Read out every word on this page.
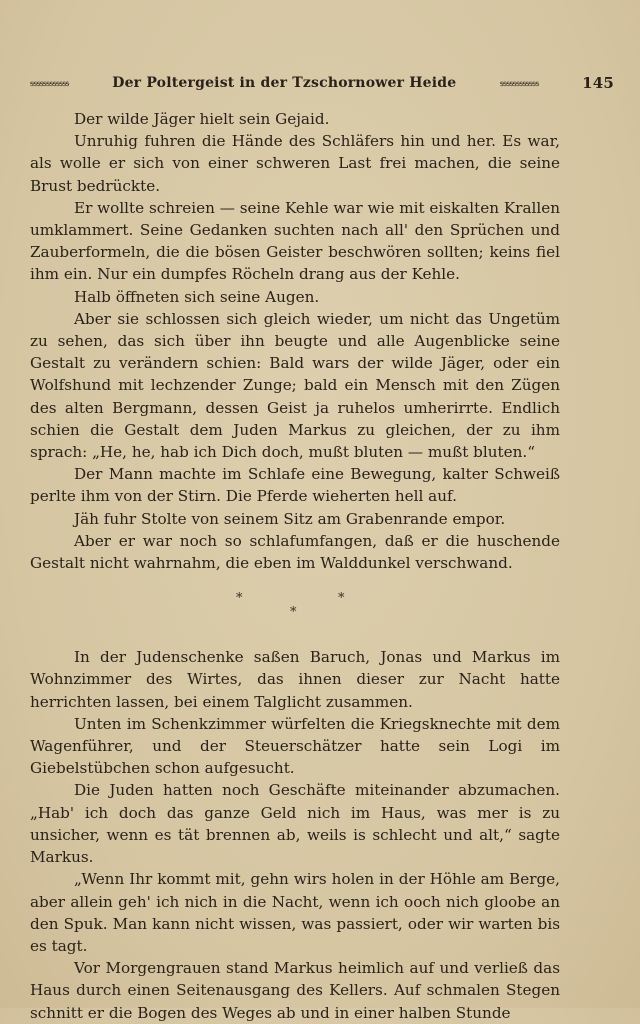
ꟊꟊꟊꟊꟊꟊꟊꟊꟊꟊꟊꟊ	Der Poltergeist in der Tzschornower Heide	ꟊꟊꟊꟊꟊꟊꟊꟊꟊꟊꟊꟊ	145

Der wilde Jäger hielt sein Gejaid.

Unruhig fuhren die Hände des Schläfers hin und her. Es war, als wolle er sich von einer schweren Last frei machen, die seine Brust bedrückte.

Er wollte schreien — seine Kehle war wie mit eiskalten Krallen umklammert. Seine Gedanken suchten nach all' den Sprüchen und Zauberformeln, die die bösen Geister beschwören sollten; keins fiel ihm ein. Nur ein dumpfes Röcheln drang aus der Kehle.

Halb öffneten sich seine Augen.

Aber sie schlossen sich gleich wieder, um nicht das Ungetüm zu sehen, das sich über ihn beugte und alle Augenblicke seine Gestalt zu verändern schien: Bald wars der wilde Jäger, oder ein Wolfshund mit lechzender Zunge; bald ein Mensch mit den Zügen des alten Bergmann, dessen Geist ja ruhelos umherirrte. Endlich schien die Gestalt dem Juden Markus zu gleichen, der zu ihm sprach: „He, he, hab ich Dich doch, mußt bluten — mußt bluten.“

Der Mann machte im Schlafe eine Bewegung, kalter Schweiß perlte ihm von der Stirn. Die Pferde wieherten hell auf.

Jäh fuhr Stolte von seinem Sitz am Grabenrande empor.

Aber er war noch so schlafumfangen, daß er die huschende Gestalt nicht wahrnahm, die eben im Walddunkel verschwand.

*
*
*

In der Judenschenke saßen Baruch, Jonas und Markus im Wohnzimmer des Wirtes, das ihnen dieser zur Nacht hatte herrichten lassen, bei einem Talglicht zusammen.

Unten im Schenkzimmer würfelten die Kriegsknechte mit dem Wagenführer, und der Steuerschätzer hatte sein Logi im Giebelstübchen schon aufgesucht.

Die Juden hatten noch Geschäfte miteinander abzumachen. „Hab' ich doch das ganze Geld nich im Haus, was mer is zu unsicher, wenn es tät brennen ab, weils is schlecht und alt,“ sagte Markus.

„Wenn Ihr kommt mit, gehn wirs holen in der Höhle am Berge, aber allein geh' ich nich in die Nacht, wenn ich ooch nich gloobe an den Spuk. Man kann nicht wissen, was passiert, oder wir warten bis es tagt.

Vor Morgengrauen stand Markus heimlich auf und verließ das Haus durch einen Seitenausgang des Kellers. Auf schmalen Stegen schnitt er die Bogen des Weges ab und in einer halben Stunde
